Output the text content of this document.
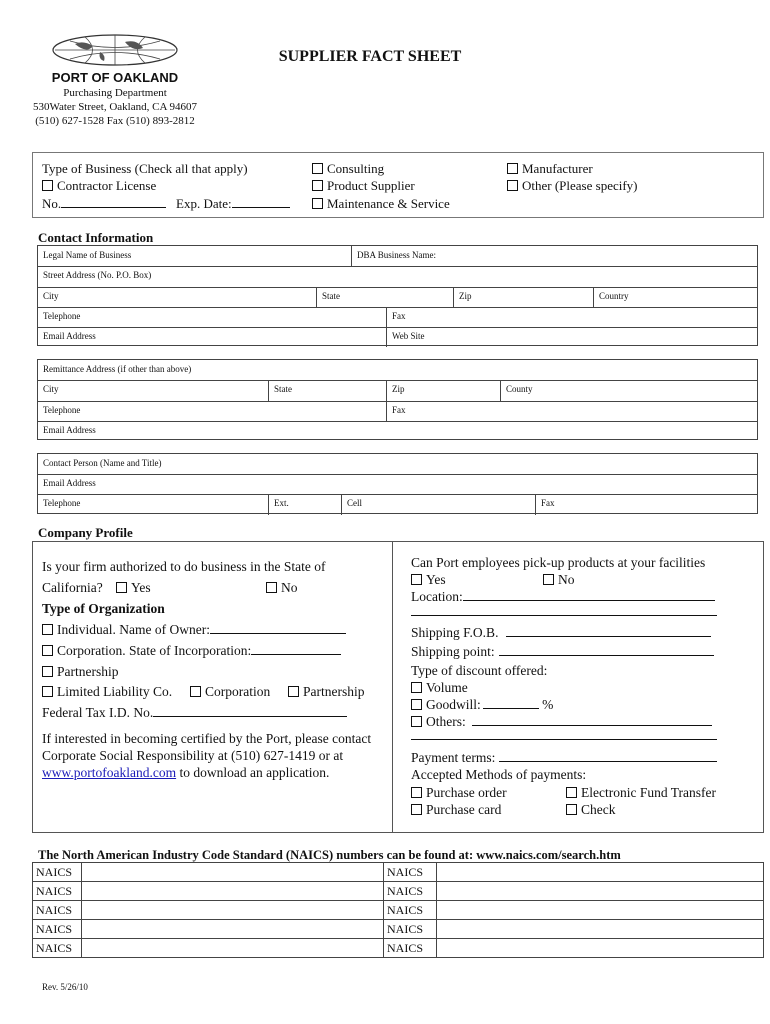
PORT OF OAKLAND
SUPPLIER FACT SHEET
Purchasing Department
530Water Street, Oakland, CA 94607
(510) 627-1528 Fax (510) 893-2812
Type of Business (Check all that apply)
Contractor License
No.	Exp. Date:
Consulting
Product Supplier
Maintenance & Service
Manufacturer
Other (Please specify)
Contact Information
Legal Name of Business	DBA Business Name:
Street Address (No. P.O. Box)
City	State	Zip	Country
Telephone	Fax
Email Address	Web Site
Remittance Address (if other than above)
City	State	Zip	County
Telephone	Fax
Email Address
Contact Person (Name and Title)
Email Address
Telephone	Ext.	Cell	Fax
Company Profile
Is your firm authorized to do business in the State of
California?	Yes	No
Type of Organization
Individual. Name of Owner:
Corporation. State of Incorporation:
Partnership
Limited Liability Co.	Corporation	Partnership
Federal Tax I.D. No.
If interested in becoming certified by the Port, please contact
Corporate Social Responsibility at (510) 627-1419 or at
www.portofoakland.com to download an application.
Can Port employees pick-up products at your facilities
Yes	No
Location:
Shipping F.O.B.
Shipping point:
Type of discount offered:
Volume
Goodwill:	%
Others:
Payment terms:
Accepted Methods of payments:
Purchase order	Electronic Fund Transfer
Purchase card	Check
The North American Industry Code Standard (NAICS) numbers can be found at: www.naics.com/search.htm
NAICS		NAICS	
NAICS		NAICS	
NAICS		NAICS	
NAICS		NAICS	
NAICS		NAICS	
Rev. 5/26/10
